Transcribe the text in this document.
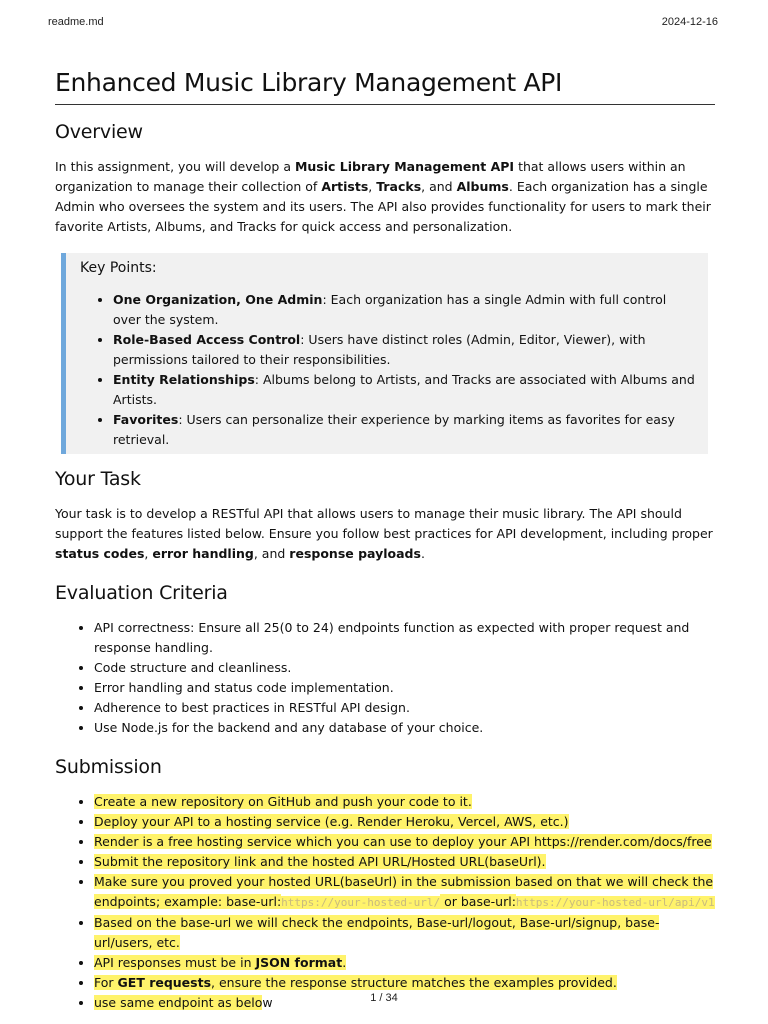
readme.md	2024-12-16
Enhanced Music Library Management API
Overview

In this assignment, you will develop a Music Library Management API that allows users within an organization to manage their collection of Artists, Tracks, and Albums. Each organization has a single Admin who oversees the system and its users. The API also provides functionality for users to mark their favorite Artists, Albums, and Tracks for quick access and personalization.

Key Points:
• One Organization, One Admin: Each organization has a single Admin with full control over the system.
• Role-Based Access Control: Users have distinct roles (Admin, Editor, Viewer), with permissions tailored to their responsibilities.
• Entity Relationships: Albums belong to Artists, and Tracks are associated with Albums and Artists.
• Favorites: Users can personalize their experience by marking items as favorites for easy retrieval.
Your Task

Your task is to develop a RESTful API that allows users to manage their music library. The API should support the features listed below. Ensure you follow best practices for API development, including proper status codes, error handling, and response payloads.

Evaluation Criteria
• API correctness: Ensure all 25(0 to 24) endpoints function as expected with proper request and response handling.
• Code structure and cleanliness.
• Error handling and status code implementation.
• Adherence to best practices in RESTful API design.
• Use Node.js for the backend and any database of your choice.
Submission
• Create a new repository on GitHub and push your code to it.
• Deploy your API to a hosting service (e.g. Render Heroku, Vercel, AWS, etc.)
• Render is a free hosting service which you can use to deploy your API https://render.com/docs/free
• Submit the repository link and the hosted API URL/Hosted URL(baseUrl).
• Make sure you proved your hosted URL(baseUrl) in the submission based on that we will check the endpoints; example: base-url:https://your-hosted-url/ or base-url:https://your-hosted-url/api/v1
• Based on the base-url we will check the endpoints, Base-url/logout, Base-url/signup, base-url/users, etc.
• API responses must be in JSON format.
• For GET requests, ensure the response structure matches the examples provided.
• use same endpoint as below	1 / 34
